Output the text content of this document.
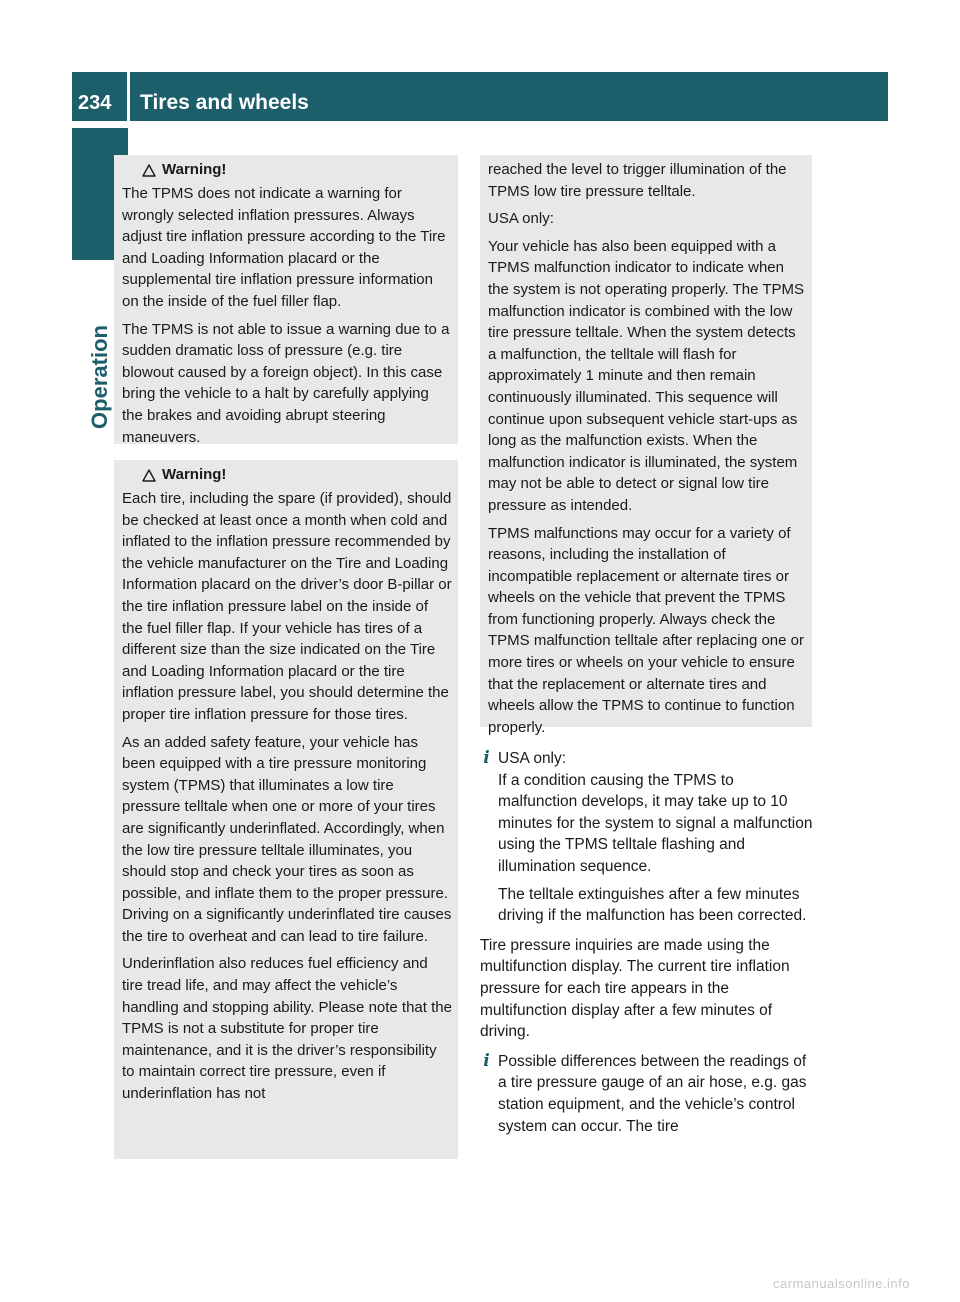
234	Tires and wheels
Operation
Warning!

The TPMS does not indicate a warning for wrongly selected inflation pressures. Always adjust tire inflation pressure according to the Tire and Loading Information placard or the supplemental tire inflation pressure information on the inside of the fuel filler flap.

The TPMS is not able to issue a warning due to a sudden dramatic loss of pressure (e.g. tire blowout caused by a foreign object). In this case bring the vehicle to a halt by carefully applying the brakes and avoiding abrupt steering maneuvers.

Warning!

Each tire, including the spare (if provided), should be checked at least once a month when cold and inflated to the inflation pressure recommended by the vehicle manufacturer on the Tire and Loading Information placard on the driver’s door B-pillar or the tire inflation pressure label on the inside of the fuel filler flap. If your vehicle has tires of a different size than the size indicated on the Tire and Loading Information placard or the tire inflation pressure label, you should determine the proper tire inflation pressure for those tires.

As an added safety feature, your vehicle has been equipped with a tire pressure monitoring system (TPMS) that illuminates a low tire pressure telltale when one or more of your tires are significantly underinflated. Accordingly, when the low tire pressure telltale illuminates, you should stop and check your tires as soon as possible, and inflate them to the proper pressure. Driving on a significantly underinflated tire causes the tire to overheat and can lead to tire failure.

Underinflation also reduces fuel efficiency and tire tread life, and may affect the vehicle’s handling and stopping ability. Please note that the TPMS is not a substitute for proper tire maintenance, and it is the driver’s responsibility to maintain correct tire pressure, even if underinflation has not

reached the level to trigger illumination of the TPMS low tire pressure telltale.

USA only:

Your vehicle has also been equipped with a TPMS malfunction indicator to indicate when the system is not operating properly. The TPMS malfunction indicator is combined with the low tire pressure telltale. When the system detects a malfunction, the telltale will flash for approximately 1 minute and then remain continuously illuminated. This sequence will continue upon subsequent vehicle start-ups as long as the malfunction exists. When the malfunction indicator is illuminated, the system may not be able to detect or signal low tire pressure as intended.

TPMS malfunctions may occur for a variety of reasons, including the installation of incompatible replacement or alternate tires or wheels on the vehicle that prevent the TPMS from functioning properly. Always check the TPMS malfunction telltale after replacing one or more tires or wheels on your vehicle to ensure that the replacement or alternate tires and wheels allow the TPMS to continue to function properly.

i USA only:
If a condition causing the TPMS to malfunction develops, it may take up to 10 minutes for the system to signal a malfunction using the TPMS telltale flashing and illumination sequence.

The telltale extinguishes after a few minutes driving if the malfunction has been corrected.

Tire pressure inquiries are made using the multifunction display. The current tire inflation pressure for each tire appears in the multifunction display after a few minutes of driving.

i Possible differences between the readings of a tire pressure gauge of an air hose, e.g. gas station equipment, and the vehicle’s control system can occur. The tire

carmanualsonline.info
